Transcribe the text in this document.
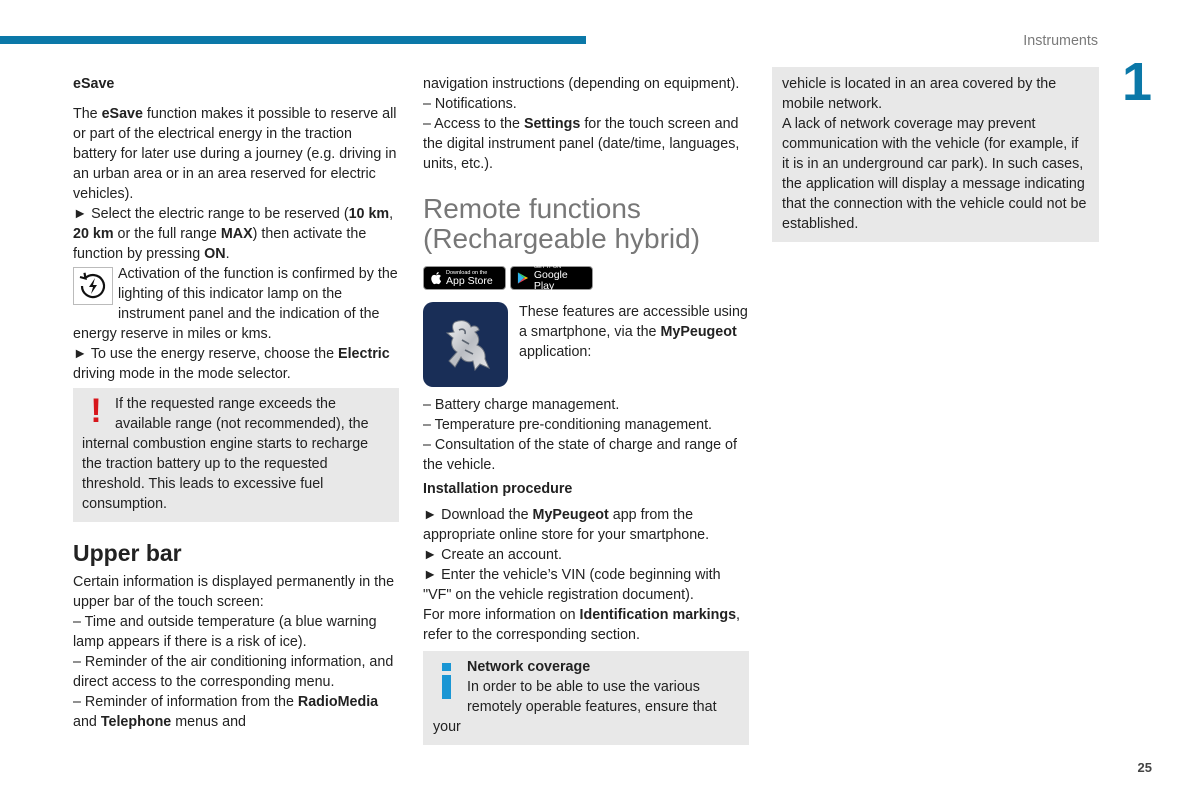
Instruments
1

eSave

The eSave function makes it possible to reserve all or part of the electrical energy in the traction battery for later use during a journey (e.g. driving in an urban area or in an area reserved for electric vehicles).

► Select the electric range to be reserved (10 km, 20 km or the full range MAX) then activate the function by pressing ON.

Activation of the function is confirmed by the lighting of this indicator lamp on the instrument panel and the indication of the energy reserve in miles or kms.

► To use the energy reserve, choose the Electric driving mode in the mode selector.

! If the requested range exceeds the available range (not recommended), the internal combustion engine starts to recharge the traction battery up to the requested threshold. This leads to excessive fuel consumption.

Upper bar

Certain information is displayed permanently in the upper bar of the touch screen:

– Time and outside temperature (a blue warning lamp appears if there is a risk of ice).

– Reminder of the air conditioning information, and direct access to the corresponding menu.

– Reminder of information from the RadioMedia and Telephone menus and

navigation instructions (depending on equipment).

– Notifications.

– Access to the Settings for the touch screen and the digital instrument panel (date/time, languages, units, etc.).

Remote functions
(Rechargeable hybrid)

Download on the
App Store
GET IT ON
Google Play

These features are accessible using a smartphone, via the MyPeugeot application:

– Battery charge management.

– Temperature pre-conditioning management.

– Consultation of the state of charge and range of the vehicle.

Installation procedure

► Download the MyPeugeot app from the appropriate online store for your smartphone.

► Create an account.

► Enter the vehicle’s VIN (code beginning with "VF" on the vehicle registration document).

For more information on Identification markings, refer to the corresponding section.

Network coverage
In order to be able to use the various remotely operable features, ensure that your

vehicle is located in an area covered by the mobile network.

A lack of network coverage may prevent communication with the vehicle (for example, if it is in an underground car park). In such cases, the application will display a message indicating that the connection with the vehicle could not be established.

25
